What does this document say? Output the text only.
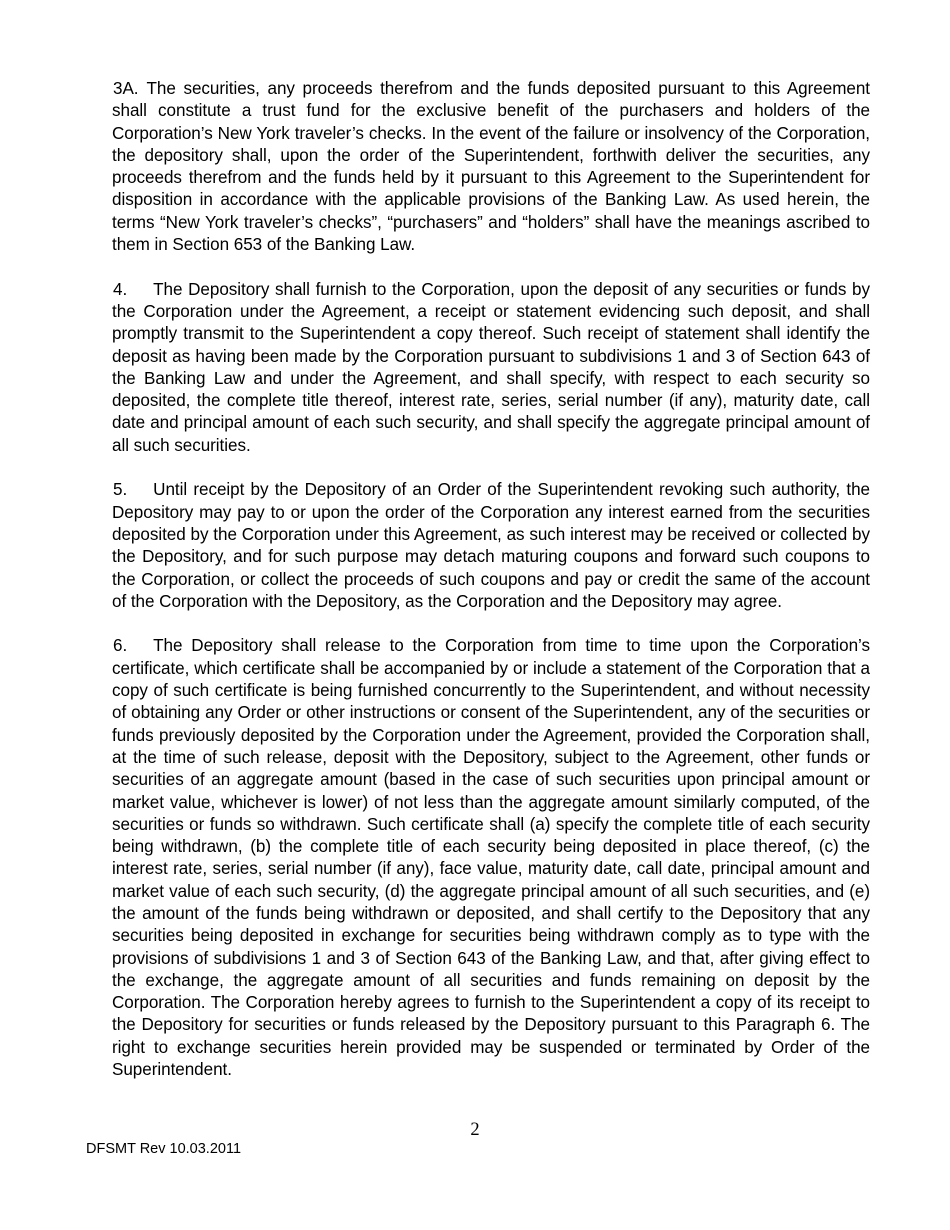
3A. The securities, any proceeds therefrom and the funds deposited pursuant to this Agreement shall constitute a trust fund for the exclusive benefit of the purchasers and holders of the Corporation’s New York traveler’s checks. In the event of the failure or insolvency of the Corporation, the depository shall, upon the order of the Superintendent, forthwith deliver the securities, any proceeds therefrom and the funds held by it pursuant to this Agreement to the Superintendent for disposition in accordance with the applicable provisions of the Banking Law. As used herein, the terms “New York traveler’s checks”, “purchasers” and “holders” shall have the meanings ascribed to them in Section 653 of the Banking Law.

4. The Depository shall furnish to the Corporation, upon the deposit of any securities or funds by the Corporation under the Agreement, a receipt or statement evidencing such deposit, and shall promptly transmit to the Superintendent a copy thereof. Such receipt of statement shall identify the deposit as having been made by the Corporation pursuant to subdivisions 1 and 3 of Section 643 of the Banking Law and under the Agreement, and shall specify, with respect to each security so deposited, the complete title thereof, interest rate, series, serial number (if any), maturity date, call date and principal amount of each such security, and shall specify the aggregate principal amount of all such securities.

5. Until receipt by the Depository of an Order of the Superintendent revoking such authority, the Depository may pay to or upon the order of the Corporation any interest earned from the securities deposited by the Corporation under this Agreement, as such interest may be received or collected by the Depository, and for such purpose may detach maturing coupons and forward such coupons to the Corporation, or collect the proceeds of such coupons and pay or credit the same of the account of the Corporation with the Depository, as the Corporation and the Depository may agree.

6. The Depository shall release to the Corporation from time to time upon the Corporation’s certificate, which certificate shall be accompanied by or include a statement of the Corporation that a copy of such certificate is being furnished concurrently to the Superintendent, and without necessity of obtaining any Order or other instructions or consent of the Superintendent, any of the securities or funds previously deposited by the Corporation under the Agreement, provided the Corporation shall, at the time of such release, deposit with the Depository, subject to the Agreement, other funds or securities of an aggregate amount (based in the case of such securities upon principal amount or market value, whichever is lower) of not less than the aggregate amount similarly computed, of the securities or funds so withdrawn. Such certificate shall (a) specify the complete title of each security being withdrawn, (b) the complete title of each security being deposited in place thereof, (c) the interest rate, series, serial number (if any), face value, maturity date, call date, principal amount and market value of each such security, (d) the aggregate principal amount of all such securities, and (e) the amount of the funds being withdrawn or deposited, and shall certify to the Depository that any securities being deposited in exchange for securities being withdrawn comply as to type with the provisions of subdivisions 1 and 3 of Section 643 of the Banking Law, and that, after giving effect to the exchange, the aggregate amount of all securities and funds remaining on deposit by the Corporation. The Corporation hereby agrees to furnish to the Superintendent a copy of its receipt to the Depository for securities or funds released by the Depository pursuant to this Paragraph 6. The right to exchange securities herein provided may be suspended or terminated by Order of the Superintendent.

2
DFSMT Rev 10.03.2011
